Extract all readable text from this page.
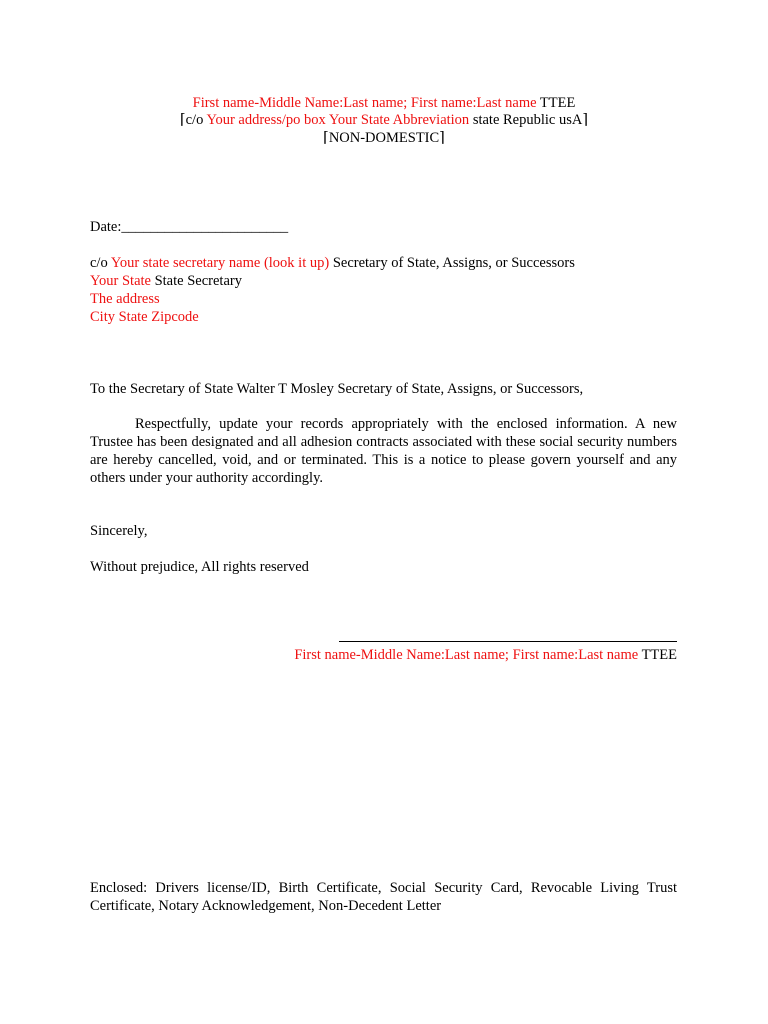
First name-Middle Name:Last name; First name:Last name TTEE
⌈c/o Your address/po box Your State Abbreviation state Republic usA⌉
⌈NON-DOMESTIC⌉
Date:_______________________
c/o Your state secretary name (look it up) Secretary of State, Assigns, or Successors
Your State State Secretary
The address
City State Zipcode
To the Secretary of State Walter T Mosley Secretary of State, Assigns, or Successors,
Respectfully, update your records appropriately with the enclosed information. A new Trustee has been designated and all adhesion contracts associated with these social security numbers are hereby cancelled, void, and or terminated. This is a notice to please govern yourself and any others under your authority accordingly.
Sincerely,
Without prejudice, All rights reserved
First name-Middle Name:Last name; First name:Last name TTEE
Enclosed: Drivers license/ID, Birth Certificate, Social Security Card, Revocable Living Trust Certificate, Notary Acknowledgement, Non-Decedent Letter
